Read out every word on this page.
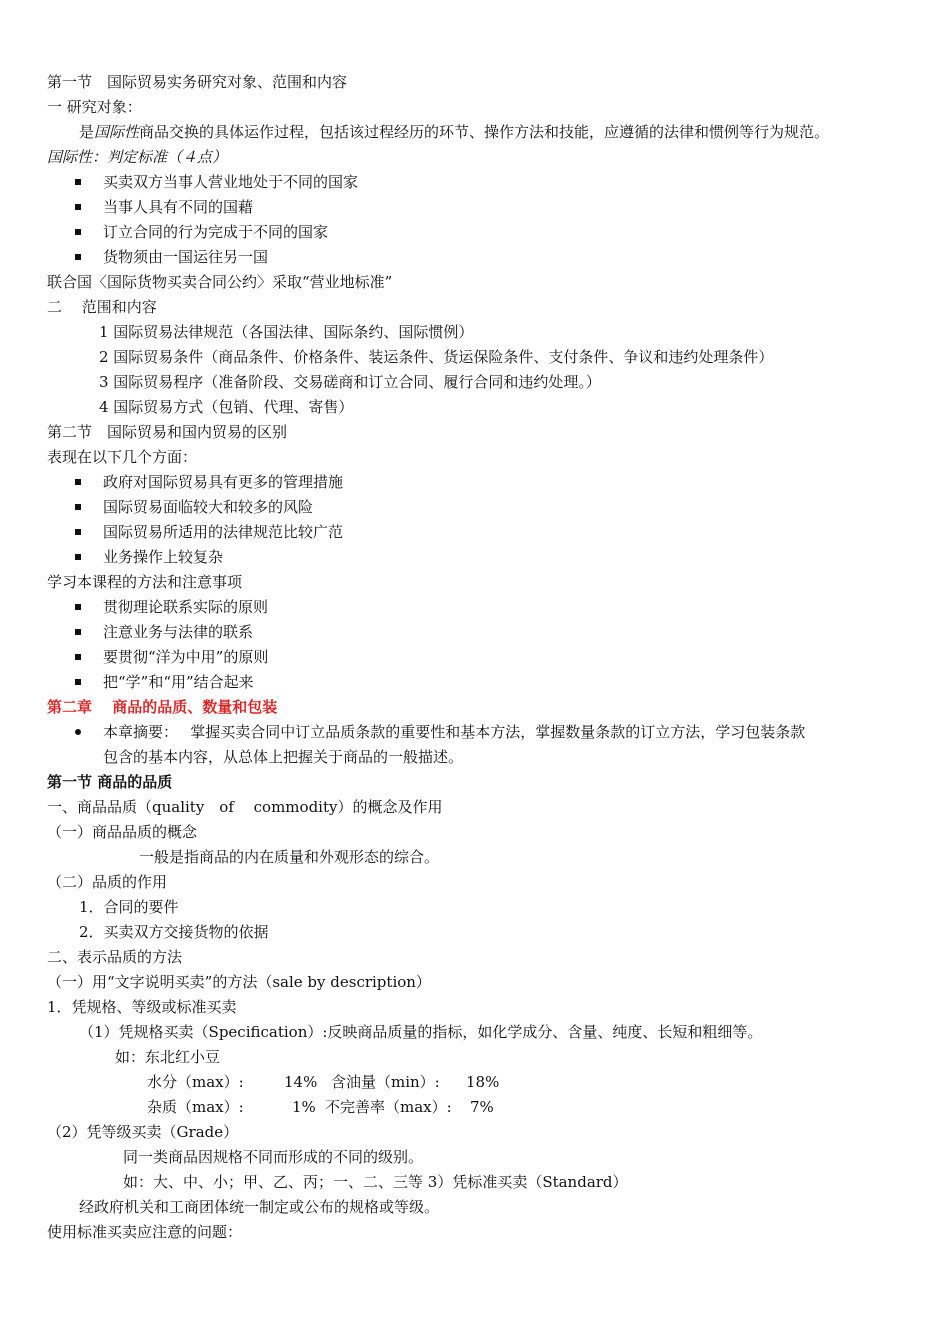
第一节　国际贸易实务研究对象、范围和内容
一 研究对象：
是国际性商品交换的具体运作过程，包括该过程经历的环节、操作方法和技能，应遵循的法律和惯例等行为规范。
国际性：判定标准（４点）
买卖双方当事人营业地处于不同的国家
当事人具有不同的国藉
订立合同的行为完成于不同的国家
货物须由一国运往另一国
联合国〈国际货物买卖合同公约〉采取“营业地标准”
二　 范围和内容
1 国际贸易法律规范（各国法律、国际条约、国际惯例）
2 国际贸易条件（商品条件、价格条件、装运条件、货运保险条件、支付条件、争议和违约处理条件）
3 国际贸易程序（准备阶段、交易磋商和订立合同、履行合同和违约处理。）
4 国际贸易方式（包销、代理、寄售）
第二节　国际贸易和国内贸易的区别
表现在以下几个方面：
政府对国际贸易具有更多的管理措施
国际贸易面临较大和较多的风险
国际贸易所适用的法律规范比较广范
业务操作上较复杂
学习本课程的方法和注意事项
贯彻理论联系实际的原则
注意业务与法律的联系
要贯彻“洋为中用”的原则
把“学”和“用”结合起来
第二章　 商品的品质、数量和包装
本章摘要：　 掌握买卖合同中订立品质条款的重要性和基本方法，掌握数量条款的订立方法，学习包装条款
包含的基本内容，从总体上把握关于商品的一般描述。
第一节 商品的品质
一、商品品质（quality　of　 commodity）的概念及作用
（一）商品品质的概念
一般是指商品的内在质量和外观形态的综合。
（二）品质的作用
1．合同的要件
2．买卖双方交接货物的依据
二、表示品质的方法
（一）用“文字说明买卖”的方法（sale by description）
1．凭规格、等级或标准买卖
（1）凭规格买卖（Specification）:反映商品质量的指标，如化学成分、含量、纯度、长短和粗细等。
如：东北红小豆
水分（max）:	14% 含油量（min）: 18%
杂质（max）:	1% 不完善率（max）: 7%
（2）凭等级买卖（Grade）
同一类商品因规格不同而形成的不同的级别。
如：大、中、小；甲、乙、丙；一、二、三等 3）凭标准买卖（Standard）
经政府机关和工商团体统一制定或公布的规格或等级。
使用标准买卖应注意的问题：
